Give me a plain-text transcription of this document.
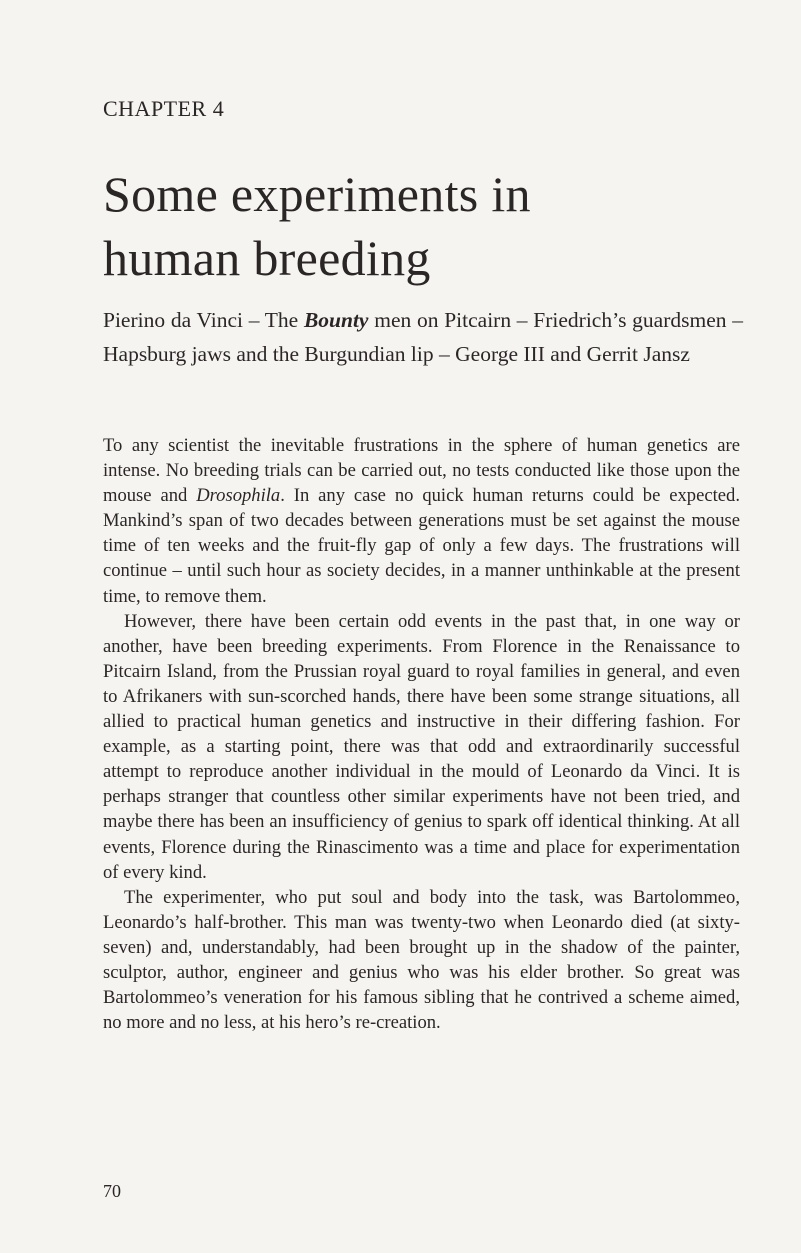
CHAPTER 4
Some experiments in
human breeding

Pierino da Vinci – The Bounty men on Pitcairn – Friedrich’s guardsmen – Hapsburg jaws and the Burgundian lip – George III and Gerrit Jansz

To any scientist the inevitable frustrations in the sphere of human genetics are intense. No breeding trials can be carried out, no tests conducted like those upon the mouse and Drosophila. In any case no quick human returns could be expected. Mankind’s span of two decades between generations must be set against the mouse time of ten weeks and the fruit-fly gap of only a few days. The frustrations will continue – until such hour as society decides, in a manner unthinkable at the present time, to remove them.

However, there have been certain odd events in the past that, in one way or another, have been breeding experiments. From Florence in the Renaissance to Pitcairn Island, from the Prussian royal guard to royal families in general, and even to Afrikaners with sun-scorched hands, there have been some strange situations, all allied to practical human genetics and instructive in their differing fashion. For example, as a starting point, there was that odd and extraordinarily successful attempt to reproduce another individual in the mould of Leonardo da Vinci. It is perhaps stranger that countless other similar experiments have not been tried, and maybe there has been an insufficiency of genius to spark off identical thinking. At all events, Florence during the Rinascimento was a time and place for experimentation of every kind.

The experimenter, who put soul and body into the task, was Bartolommeo, Leonardo’s half-brother. This man was twenty-two when Leonardo died (at sixty-seven) and, understandably, had been brought up in the shadow of the painter, sculptor, author, engineer and genius who was his elder brother. So great was Bartolommeo’s veneration for his famous sibling that he contrived a scheme aimed, no more and no less, at his hero’s re-creation.

70
